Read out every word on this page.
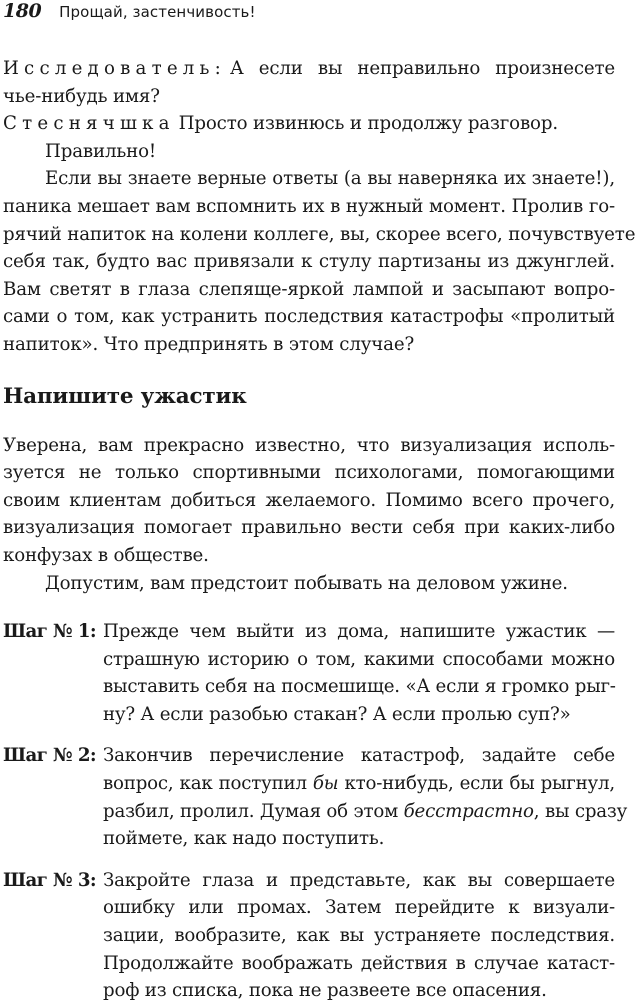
180 Прощай, застенчивость!
Исследователь: А если вы неправильно произнесете
чье-нибудь имя?
Стеснячшка Просто извинюсь и продолжу разговор.
Правильно!
Если вы знаете верные ответы (а вы наверняка их знаете!),
паника мешает вам вспомнить их в нужный момент. Пролив го-
рячий напиток на колени коллеге, вы, скорее всего, почувствуете
себя так, будто вас привязали к стулу партизаны из джунглей.
Вам светят в глаза слепяще-яркой лампой и засыпают вопро-
сами о том, как устранить последствия катастрофы «пролитый
напиток». Что предпринять в этом случае?
Напишите ужастик
Уверена, вам прекрасно известно, что визуализация исполь-
зуется не только спортивными психологами, помогающими
своим клиентам добиться желаемого. Помимо всего прочего,
визуализация помогает правильно вести себя при каких-либо
конфузах в обществе.
Допустим, вам предстоит побывать на деловом ужине.
Шаг № 1: Прежде чем выйти из дома, напишите ужастик —
страшную историю о том, какими способами можно
выставить себя на посмешище. «А если я громко рыг-
ну? А если разобью стакан? А если пролью суп?»
Шаг № 2: Закончив перечисление катастроф, задайте себе
вопрос, как поступил бы кто-нибудь, если бы рыгнул,
разбил, пролил. Думая об этом бесстрастно, вы сразу
поймете, как надо поступить.
Шаг № 3: Закройте глаза и представьте, как вы совершаете
ошибку или промах. Затем перейдите к визуали-
зации, вообразите, как вы устраняете последствия.
Продолжайте воображать действия в случае катаст-
роф из списка, пока не развеете все опасения.
